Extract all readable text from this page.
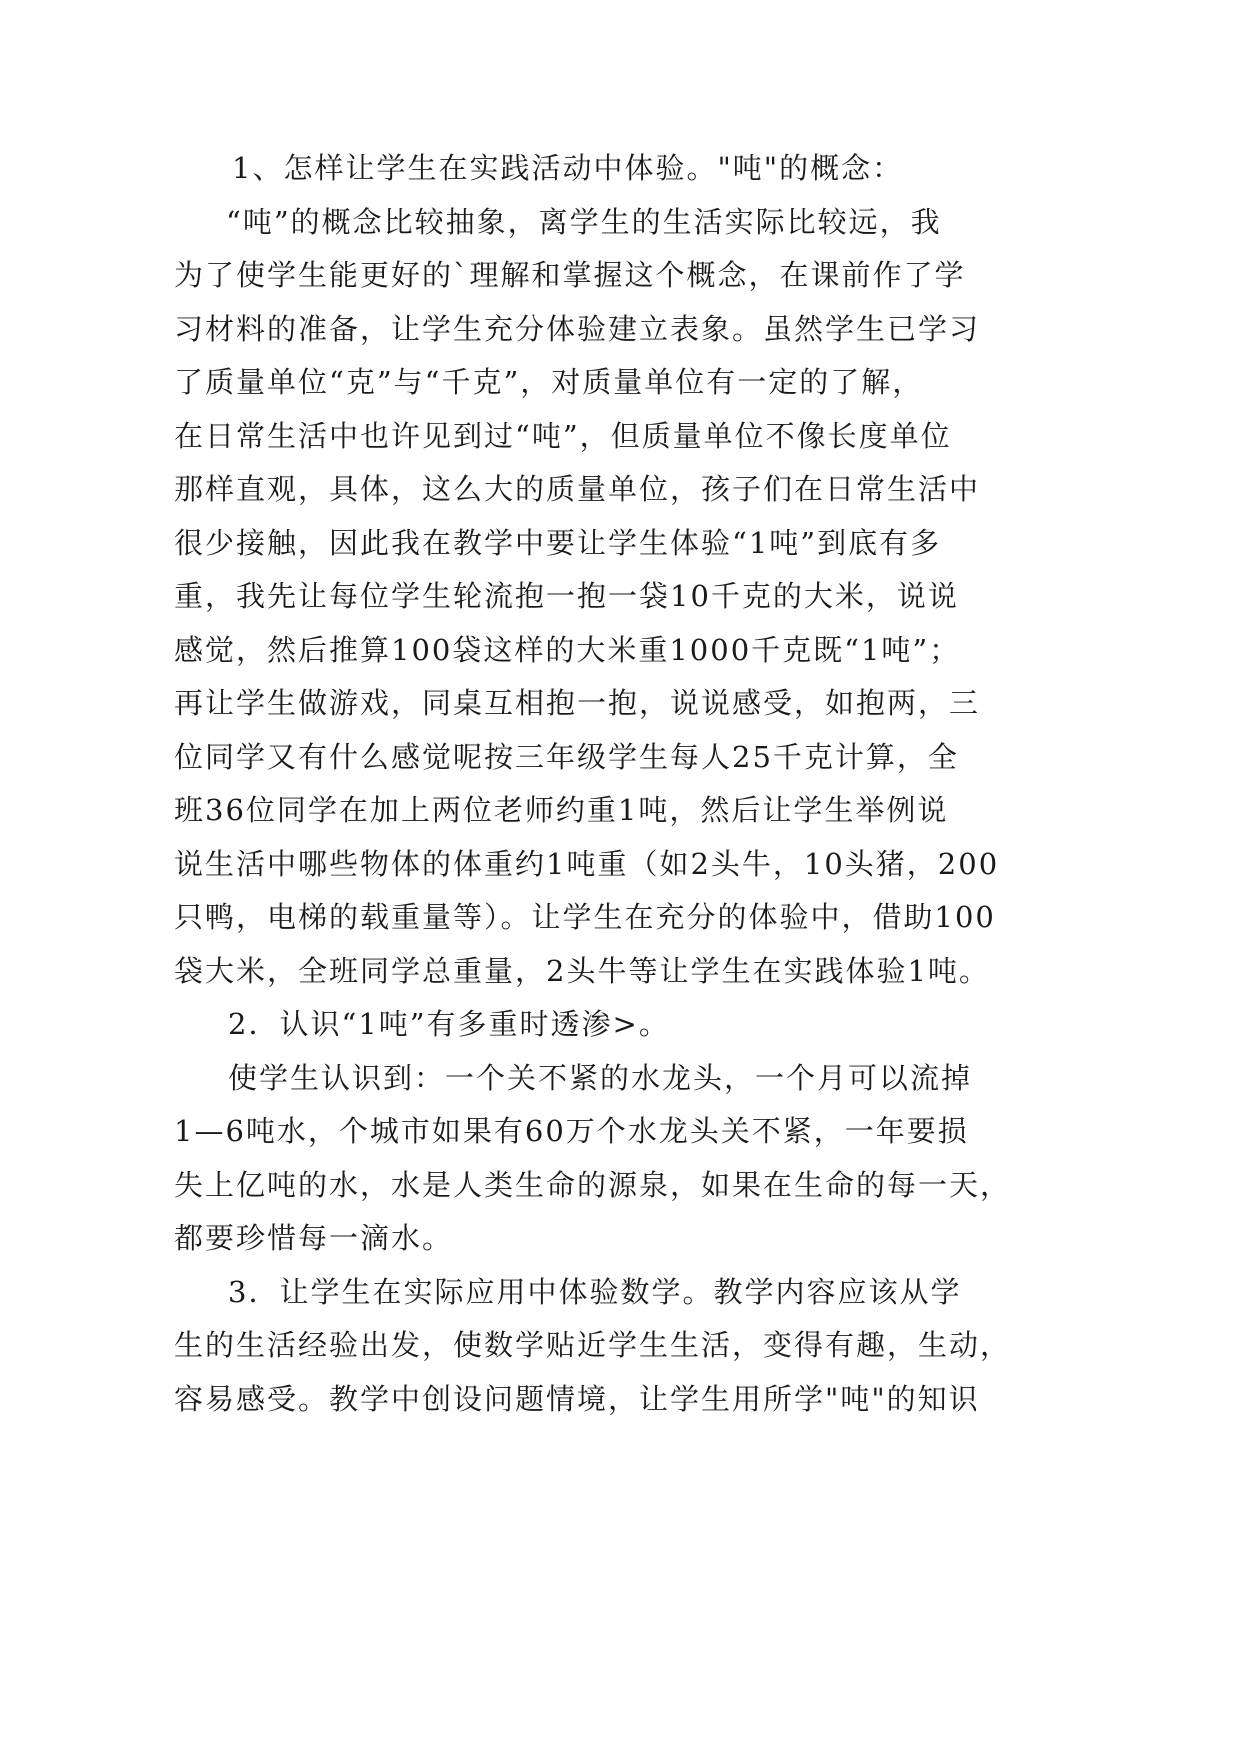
1、怎样让学生在实践活动中体验。"吨"的概念：
“吨”的概念比较抽象，离学生的生活实际比较远，我
为了使学生能更好的`理解和掌握这个概念，在课前作了学
习材料的准备，让学生充分体验建立表象。虽然学生已学习
了质量单位“克”与“千克”，对质量单位有一定的了解，
在日常生活中也许见到过“吨”，但质量单位不像长度单位
那样直观，具体，这么大的质量单位，孩子们在日常生活中
很少接触，因此我在教学中要让学生体验“1吨”到底有多
重，我先让每位学生轮流抱一抱一袋10千克的大米，说说
感觉，然后推算100袋这样的大米重1000千克既“1吨”；
再让学生做游戏，同桌互相抱一抱，说说感受，如抱两，三
位同学又有什么感觉呢按三年级学生每人25千克计算，全
班36位同学在加上两位老师约重1吨，然后让学生举例说
说生活中哪些物体的体重约1吨重（如2头牛，10头猪，200
只鸭，电梯的载重量等）。让学生在充分的体验中，借助100
袋大米，全班同学总重量，2头牛等让学生在实践体验1吨。
2．认识“1吨”有多重时透渗>。
使学生认识到：一个关不紧的水龙头，一个月可以流掉
1—6吨水，个城市如果有60万个水龙头关不紧，一年要损
失上亿吨的水，水是人类生命的源泉，如果在生命的每一天，
都要珍惜每一滴水。
3．让学生在实际应用中体验数学。教学内容应该从学
生的生活经验出发，使数学贴近学生生活，变得有趣，生动，
容易感受。教学中创设问题情境，让学生用所学"吨"的知识
